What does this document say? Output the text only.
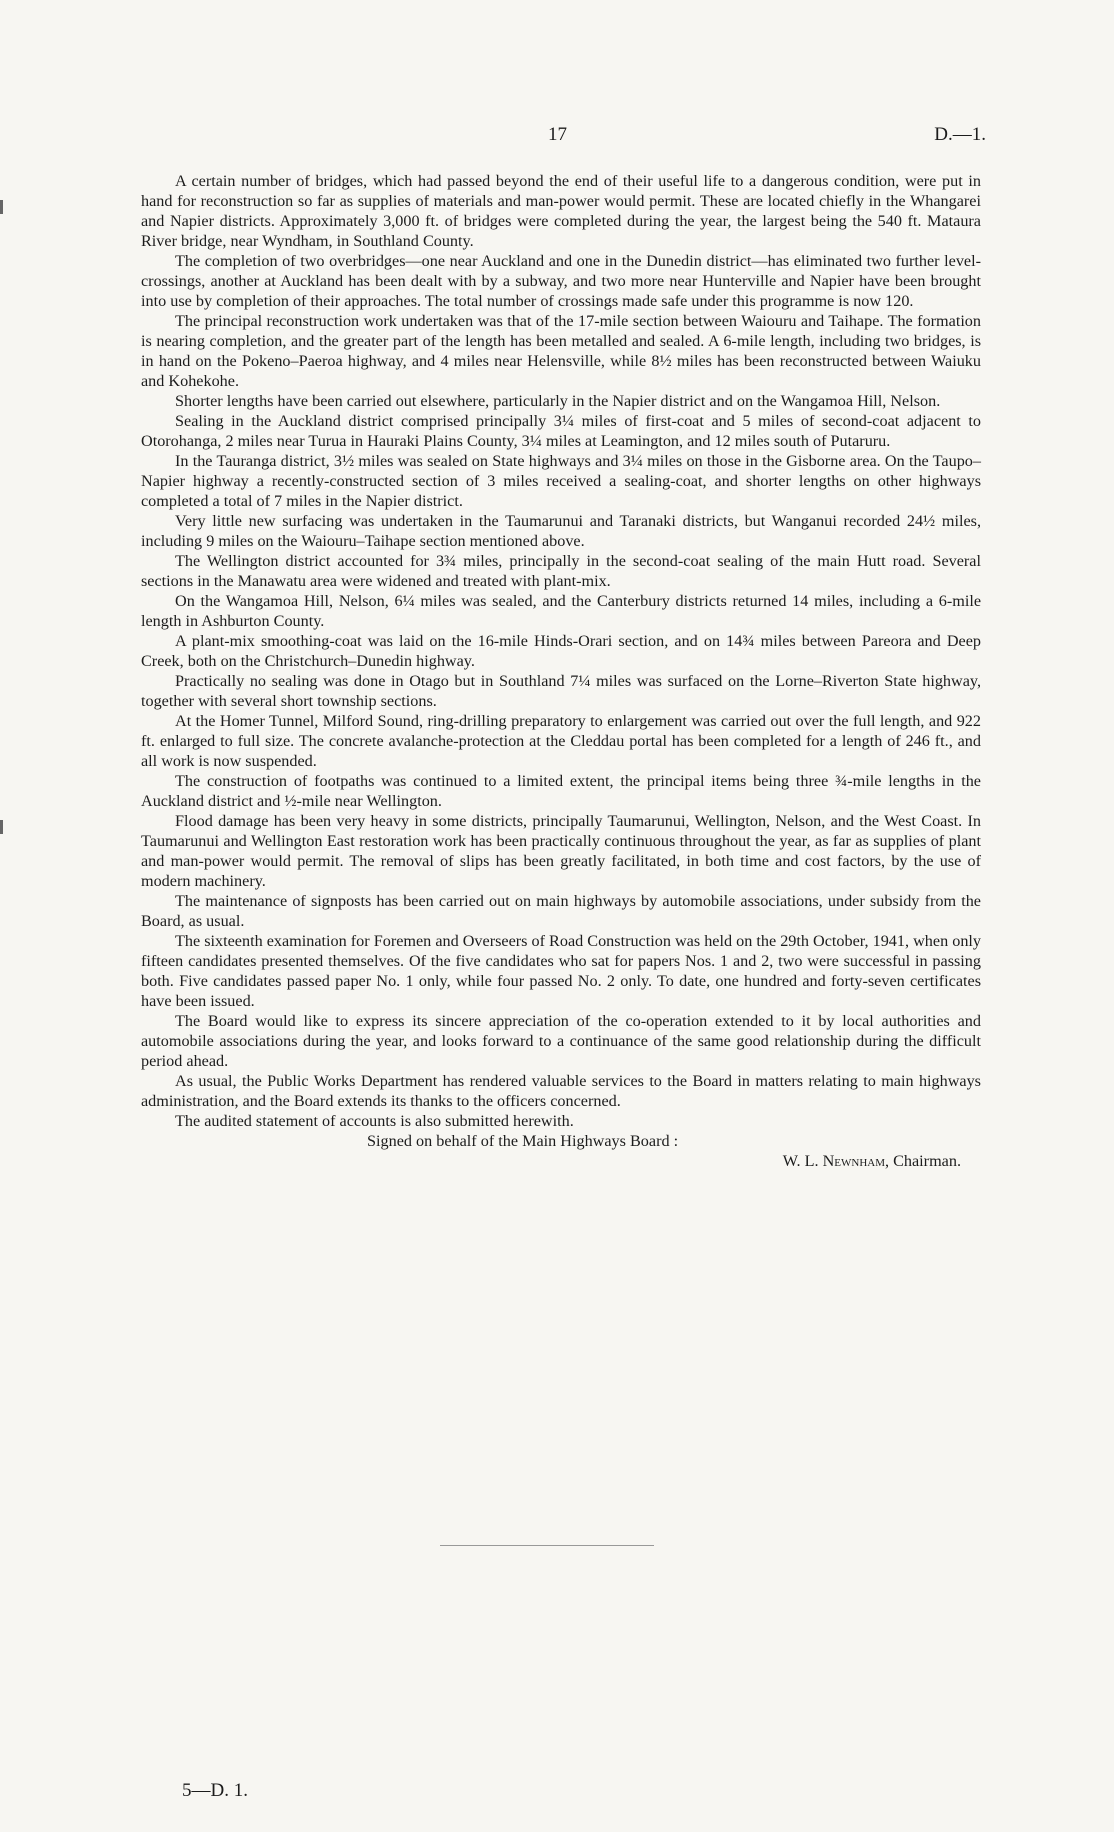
17	D.—1.

A certain number of bridges, which had passed beyond the end of their useful life to a dangerous condition, were put in hand for reconstruction so far as supplies of materials and man-power would permit. These are located chiefly in the Whangarei and Napier districts. Approximately 3,000 ft. of bridges were completed during the year, the largest being the 540 ft. Mataura River bridge, near Wyndham, in Southland County.

The completion of two overbridges—one near Auckland and one in the Dunedin district—has eliminated two further level-crossings, another at Auckland has been dealt with by a subway, and two more near Hunterville and Napier have been brought into use by completion of their approaches. The total number of crossings made safe under this programme is now 120.

The principal reconstruction work undertaken was that of the 17-mile section between Waiouru and Taihape. The formation is nearing completion, and the greater part of the length has been metalled and sealed. A 6-mile length, including two bridges, is in hand on the Pokeno–Paeroa highway, and 4 miles near Helensville, while 8½ miles has been reconstructed between Waiuku and Kohekohe.

Shorter lengths have been carried out elsewhere, particularly in the Napier district and on the Wangamoa Hill, Nelson.

Sealing in the Auckland district comprised principally 3¼ miles of first-coat and 5 miles of second-coat adjacent to Otorohanga, 2 miles near Turua in Hauraki Plains County, 3¼ miles at Leamington, and 12 miles south of Putaruru.

In the Tauranga district, 3½ miles was sealed on State highways and 3¼ miles on those in the Gisborne area. On the Taupo–Napier highway a recently-constructed section of 3 miles received a sealing-coat, and shorter lengths on other highways completed a total of 7 miles in the Napier district.

Very little new surfacing was undertaken in the Taumarunui and Taranaki districts, but Wanganui recorded 24½ miles, including 9 miles on the Waiouru–Taihape section mentioned above.

The Wellington district accounted for 3¾ miles, principally in the second-coat sealing of the main Hutt road. Several sections in the Manawatu area were widened and treated with plant-mix.

On the Wangamoa Hill, Nelson, 6¼ miles was sealed, and the Canterbury districts returned 14 miles, including a 6-mile length in Ashburton County.

A plant-mix smoothing-coat was laid on the 16-mile Hinds-Orari section, and on 14¾ miles between Pareora and Deep Creek, both on the Christchurch–Dunedin highway.

Practically no sealing was done in Otago but in Southland 7¼ miles was surfaced on the Lorne–Riverton State highway, together with several short township sections.

At the Homer Tunnel, Milford Sound, ring-drilling preparatory to enlargement was carried out over the full length, and 922 ft. enlarged to full size. The concrete avalanche-protection at the Cleddau portal has been completed for a length of 246 ft., and all work is now suspended.

The construction of footpaths was continued to a limited extent, the principal items being three ¾-mile lengths in the Auckland district and ½-mile near Wellington.

Flood damage has been very heavy in some districts, principally Taumarunui, Wellington, Nelson, and the West Coast. In Taumarunui and Wellington East restoration work has been practically continuous throughout the year, as far as supplies of plant and man-power would permit. The removal of slips has been greatly facilitated, in both time and cost factors, by the use of modern machinery.

The maintenance of signposts has been carried out on main highways by automobile associations, under subsidy from the Board, as usual.

The sixteenth examination for Foremen and Overseers of Road Construction was held on the 29th October, 1941, when only fifteen candidates presented themselves. Of the five candidates who sat for papers Nos. 1 and 2, two were successful in passing both. Five candidates passed paper No. 1 only, while four passed No. 2 only. To date, one hundred and forty-seven certificates have been issued.

The Board would like to express its sincere appreciation of the co-operation extended to it by local authorities and automobile associations during the year, and looks forward to a continuance of the same good relationship during the difficult period ahead.

As usual, the Public Works Department has rendered valuable services to the Board in matters relating to main highways administration, and the Board extends its thanks to the officers concerned.

The audited statement of accounts is also submitted herewith.

Signed on behalf of the Main Highways Board :

W. L. Newnham, Chairman.

5—D. 1.
